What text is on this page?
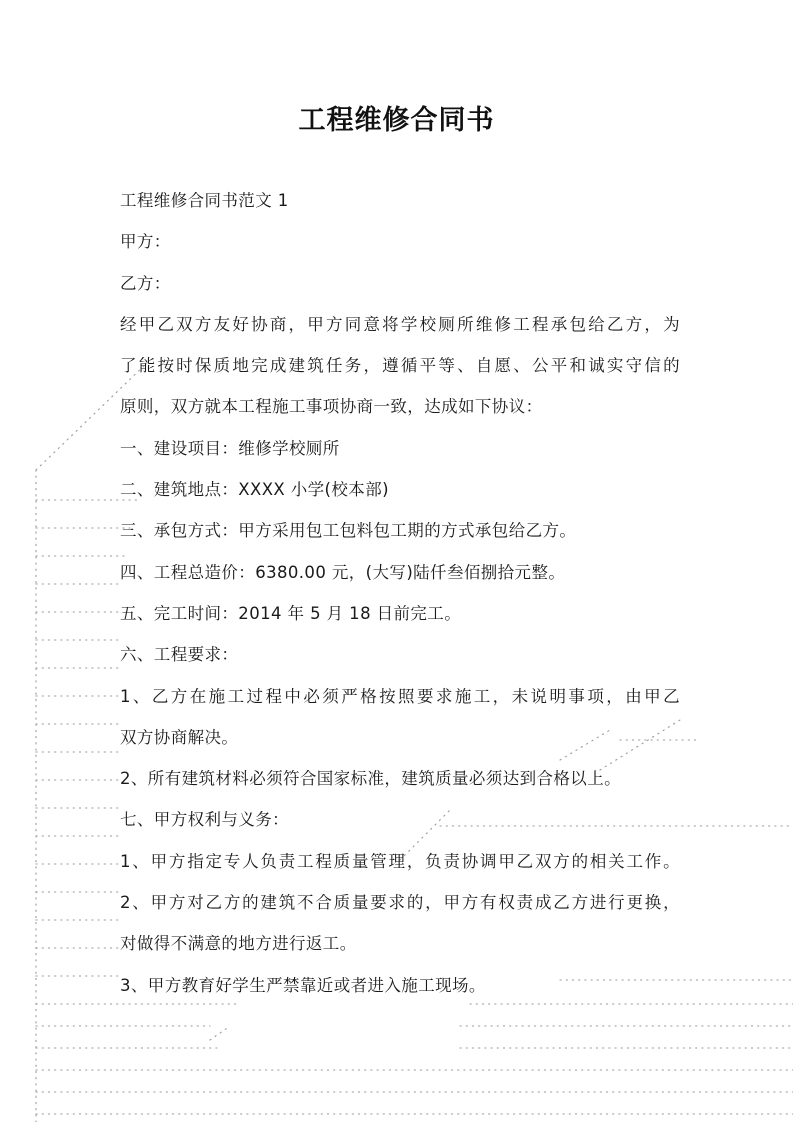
工程维修合同书
工程维修合同书范文 1
甲方：
乙方：
经甲乙双方友好协商，甲方同意将学校厕所维修工程承包给乙方，为
了能按时保质地完成建筑任务，遵循平等、自愿、公平和诚实守信的
原则，双方就本工程施工事项协商一致，达成如下协议：
一、建设项目：维修学校厕所
二、建筑地点：XXXX 小学(校本部)
三、承包方式：甲方采用包工包料包工期的方式承包给乙方。
四、工程总造价：6380.00 元，(大写)陆仟叁佰捌拾元整。
五、完工时间：2014 年 5 月 18 日前完工。
六、工程要求：
1、乙方在施工过程中必须严格按照要求施工，未说明事项，由甲乙
双方协商解决。
2、所有建筑材料必须符合国家标准，建筑质量必须达到合格以上。
七、甲方权利与义务：
1、甲方指定专人负责工程质量管理，负责协调甲乙双方的相关工作。
2、甲方对乙方的建筑不合质量要求的，甲方有权责成乙方进行更换，
对做得不满意的地方进行返工。
3、甲方教育好学生严禁靠近或者进入施工现场。
